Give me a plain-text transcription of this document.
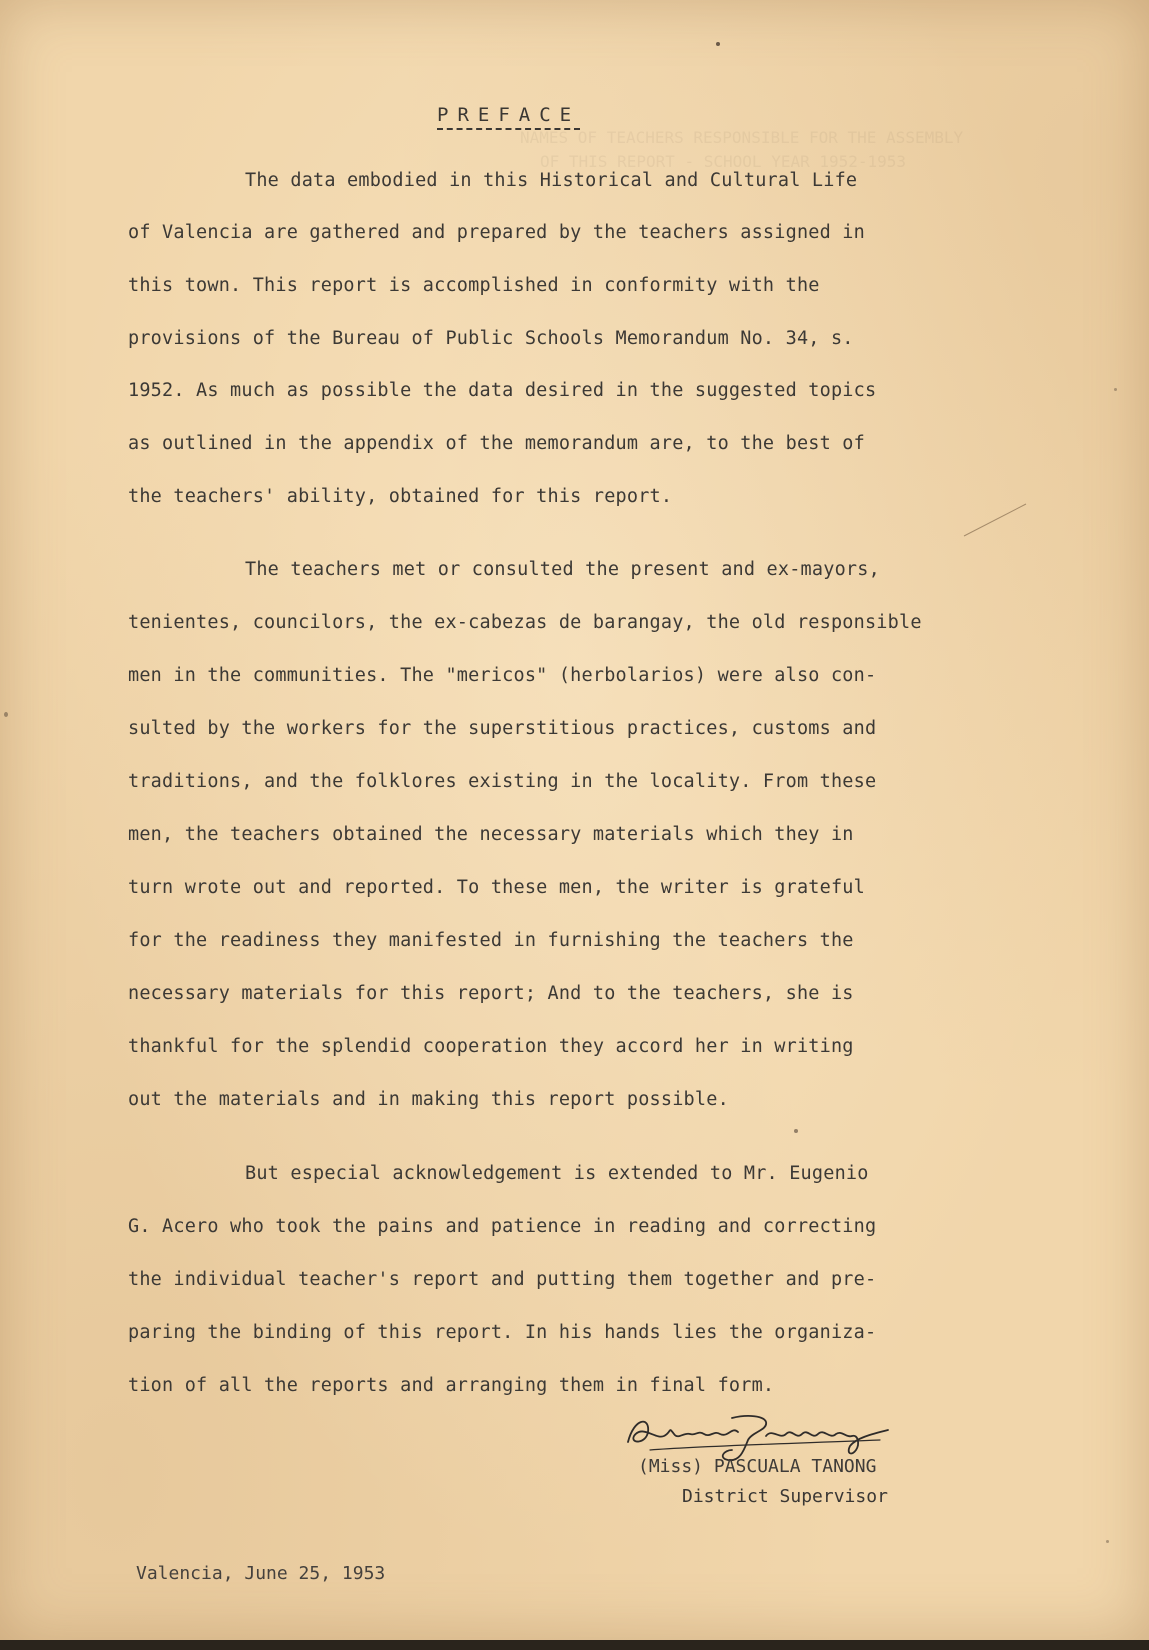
NAMES OF TEACHERS RESPONSIBLE FOR THE ASSEMBLY
OF THIS REPORT - SCHOOL YEAR 1952-1953
PREFACE
The data embodied in this Historical and Cultural Life
of Valencia are gathered and prepared by the teachers assigned in
this town. This report is accomplished in conformity with the
provisions of the Bureau of Public Schools Memorandum No. 34, s.
1952. As much as possible the data desired in the suggested topics
as outlined in the appendix of the memorandum are, to the best of
the teachers' ability, obtained for this report.
The teachers met or consulted the present and ex-mayors,
tenientes, councilors, the ex-cabezas de barangay, the old responsible
men in the communities. The "mericos" (herbolarios) were also con-
sulted by the workers for the superstitious practices, customs and
traditions, and the folklores existing in the locality. From these
men, the teachers obtained the necessary materials which they in
turn wrote out and reported. To these men, the writer is grateful
for the readiness they manifested in furnishing the teachers the
necessary materials for this report; And to the teachers, she is
thankful for the splendid cooperation they accord her in writing
out the materials and in making this report possible.
But especial acknowledgement is extended to Mr. Eugenio
G. Acero who took the pains and patience in reading and correcting
the individual teacher's report and putting them together and pre-
paring the binding of this report. In his hands lies the organiza-
tion of all the reports and arranging them in final form.
(Miss) PASCUALA TANONG
District Supervisor
Valencia, June 25, 1953
